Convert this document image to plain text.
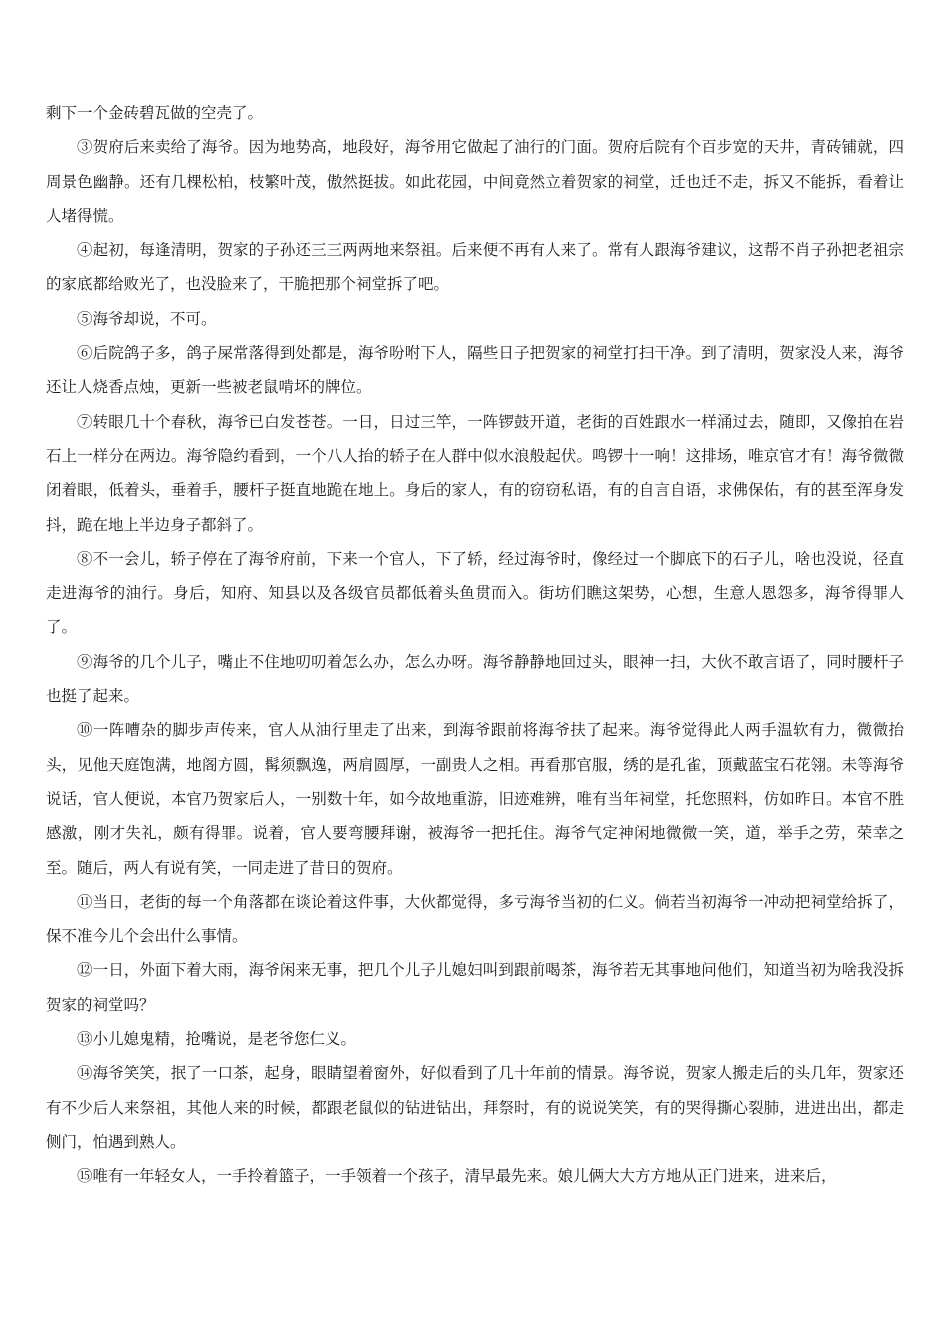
剩下一个金砖碧瓦做的空壳了。

③贺府后来卖给了海爷。因为地势高，地段好，海爷用它做起了油行的门面。贺府后院有个百步宽的天井，青砖铺就，四周景色幽静。还有几棵松柏，枝繁叶茂，傲然挺拔。如此花园，中间竟然立着贺家的祠堂，迁也迁不走，拆又不能拆，看着让人堵得慌。

④起初，每逢清明，贺家的子孙还三三两两地来祭祖。后来便不再有人来了。常有人跟海爷建议，这帮不肖子孙把老祖宗的家底都给败光了，也没脸来了，干脆把那个祠堂拆了吧。

⑤海爷却说，不可。

⑥后院鸽子多，鸽子屎常落得到处都是，海爷吩咐下人，隔些日子把贺家的祠堂打扫干净。到了清明，贺家没人来，海爷还让人烧香点烛，更新一些被老鼠啃坏的牌位。

⑦转眼几十个春秋，海爷已白发苍苍。一日，日过三竿，一阵锣鼓开道，老街的百姓跟水一样涌过去，随即，又像拍在岩石上一样分在两边。海爷隐约看到，一个八人抬的轿子在人群中似水浪般起伏。鸣锣十一响！这排场，唯京官才有！海爷微微闭着眼，低着头，垂着手，腰杆子挺直地跪在地上。身后的家人，有的窃窃私语，有的自言自语，求佛保佑，有的甚至浑身发抖，跪在地上半边身子都斜了。

⑧不一会儿，轿子停在了海爷府前，下来一个官人，下了轿，经过海爷时，像经过一个脚底下的石子儿，啥也没说，径直走进海爷的油行。身后，知府、知县以及各级官员都低着头鱼贯而入。街坊们瞧这架势，心想，生意人恩怨多，海爷得罪人了。

⑨海爷的几个儿子，嘴止不住地叨叨着怎么办，怎么办呀。海爷静静地回过头，眼神一扫，大伙不敢言语了，同时腰杆子也挺了起来。

⑩一阵嘈杂的脚步声传来，官人从油行里走了出来，到海爷跟前将海爷扶了起来。海爷觉得此人两手温软有力，微微抬头，见他天庭饱满，地阁方圆，髯须飘逸，两肩圆厚，一副贵人之相。再看那官服，绣的是孔雀，顶戴蓝宝石花翎。未等海爷说话，官人便说，本官乃贺家后人，一别数十年，如今故地重游，旧迹难辨，唯有当年祠堂，托您照料，仿如昨日。本官不胜感激，刚才失礼，颇有得罪。说着，官人要弯腰拜谢，被海爷一把托住。海爷气定神闲地微微一笑，道，举手之劳，荣幸之至。随后，两人有说有笑，一同走进了昔日的贺府。

⑪当日，老街的每一个角落都在谈论着这件事，大伙都觉得，多亏海爷当初的仁义。倘若当初海爷一冲动把祠堂给拆了，保不准今儿个会出什么事情。

⑫一日，外面下着大雨，海爷闲来无事，把几个儿子儿媳妇叫到跟前喝茶，海爷若无其事地问他们，知道当初为啥我没拆贺家的祠堂吗？

⑬小儿媳鬼精，抢嘴说，是老爷您仁义。

⑭海爷笑笑，抿了一口茶，起身，眼睛望着窗外，好似看到了几十年前的情景。海爷说，贺家人搬走后的头几年，贺家还有不少后人来祭祖，其他人来的时候，都跟老鼠似的钻进钻出，拜祭时，有的说说笑笑，有的哭得撕心裂肺，进进出出，都走侧门，怕遇到熟人。

⑮唯有一年轻女人，一手拎着篮子，一手领着一个孩子，清早最先来。娘儿俩大大方方地从正门进来，进来后，
